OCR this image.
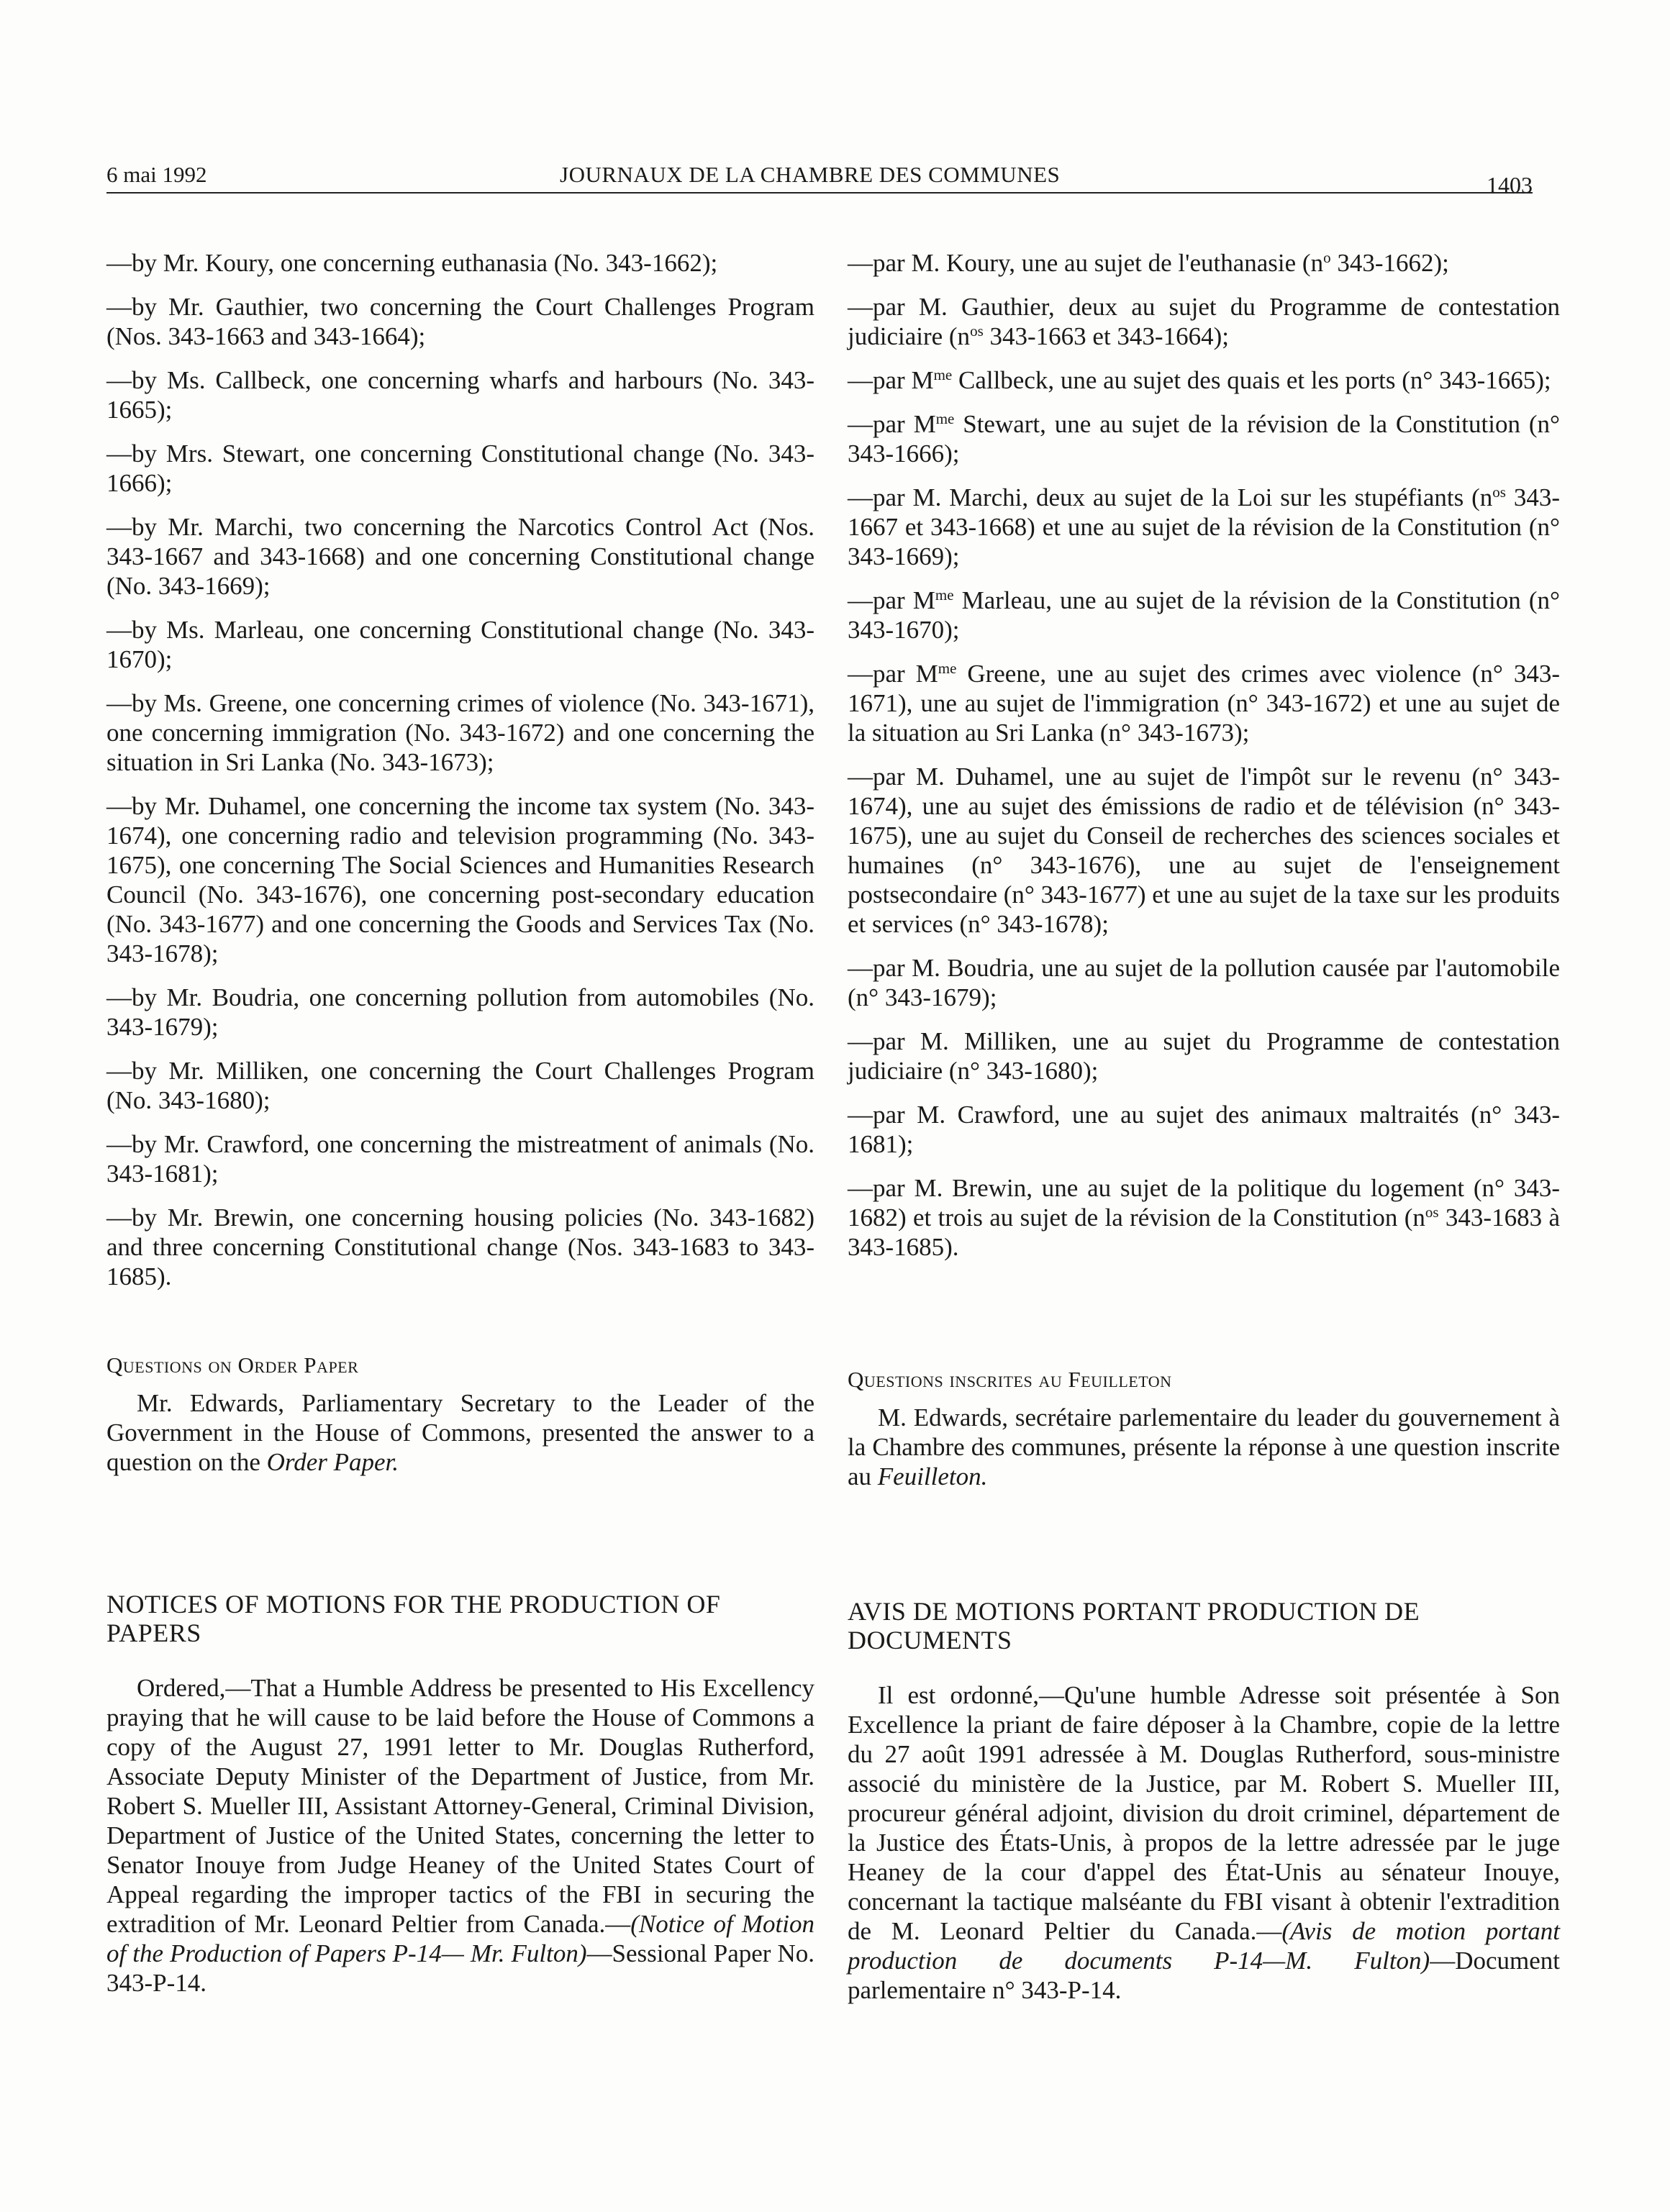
6 mai 1992	JOURNAUX DE LA CHAMBRE DES COMMUNES	1403

—by Mr. Koury, one concerning euthanasia (No. 343-1662);

—by Mr. Gauthier, two concerning the Court Challenges Program (Nos. 343-1663 and 343-1664);

—by Ms. Callbeck, one concerning wharfs and harbours (No. 343-1665);

—by Mrs. Stewart, one concerning Constitutional change (No. 343-1666);

—by Mr. Marchi, two concerning the Narcotics Control Act (Nos. 343-1667 and 343-1668) and one concerning Constitutional change (No. 343-1669);

—by Ms. Marleau, one concerning Constitutional change (No. 343-1670);

—by Ms. Greene, one concerning crimes of violence (No. 343-1671), one concerning immigration (No. 343-1672) and one concerning the situation in Sri Lanka (No. 343-1673);

—by Mr. Duhamel, one concerning the income tax system (No. 343-1674), one concerning radio and television programming (No. 343-1675), one concerning The Social Sciences and Humanities Research Council (No. 343-1676), one concerning post-secondary education (No. 343-1677) and one concerning the Goods and Services Tax (No. 343-1678);

—by Mr. Boudria, one concerning pollution from automobiles (No. 343-1679);

—by Mr. Milliken, one concerning the Court Challenges Program (No. 343-1680);

—by Mr. Crawford, one concerning the mistreatment of animals (No. 343-1681);

—by Mr. Brewin, one concerning housing policies (No. 343-1682) and three concerning Constitutional change (Nos. 343-1683 to 343-1685).

Questions on Order Paper

Mr. Edwards, Parliamentary Secretary to the Leader of the Government in the House of Commons, presented the answer to a question on the Order Paper.

NOTICES OF MOTIONS FOR THE PRODUCTION OF PAPERS

Ordered,—That a Humble Address be presented to His Excellency praying that he will cause to be laid before the House of Commons a copy of the August 27, 1991 letter to Mr. Douglas Rutherford, Associate Deputy Minister of the Department of Justice, from Mr. Robert S. Mueller III, Assistant Attorney-General, Criminal Division, Department of Justice of the United States, concerning the letter to Senator Inouye from Judge Heaney of the United States Court of Appeal regarding the improper tactics of the FBI in securing the extradition of Mr. Leonard Peltier from Canada.—(Notice of Motion of the Production of Papers P-14— Mr. Fulton)—Sessional Paper No. 343-P-14.

—par M. Koury, une au sujet de l'euthanasie ($n^o$ 343-1662);

—par M. Gauthier, deux au sujet du Programme de contestation judiciaire ($n^{os}$ 343-1663 et 343-1664);

—par $M^{me}$ Callbeck, une au sujet des quais et les ports (n° 343-1665);

—par $M^{me}$ Stewart, une au sujet de la révision de la Constitution (n° 343-1666);

—par M. Marchi, deux au sujet de la Loi sur les stupéfiants ($n^{os}$ 343-1667 et 343-1668) et une au sujet de la révision de la Constitution (n° 343-1669);

—par $M^{me}$ Marleau, une au sujet de la révision de la Constitution (n° 343-1670);

—par $M^{me}$ Greene, une au sujet des crimes avec violence (n° 343-1671), une au sujet de l'immigration (n° 343-1672) et une au sujet de la situation au Sri Lanka (n° 343-1673);

—par M. Duhamel, une au sujet de l'impôt sur le revenu (n° 343-1674), une au sujet des émissions de radio et de télévision (n° 343-1675), une au sujet du Conseil de recherches des sciences sociales et humaines (n° 343-1676), une au sujet de l'enseignement postsecondaire (n° 343-1677) et une au sujet de la taxe sur les produits et services (n° 343-1678);

—par M. Boudria, une au sujet de la pollution causée par l'automobile (n° 343-1679);

—par M. Milliken, une au sujet du Programme de contestation judiciaire (n° 343-1680);

—par M. Crawford, une au sujet des animaux maltraités (n° 343-1681);

—par M. Brewin, une au sujet de la politique du logement (n° 343-1682) et trois au sujet de la révision de la Constitution ($n^{os}$ 343-1683 à 343-1685).

Questions inscrites au Feuilleton

M. Edwards, secrétaire parlementaire du leader du gouvernement à la Chambre des communes, présente la réponse à une question inscrite au Feuilleton.

AVIS DE MOTIONS PORTANT PRODUCTION DE DOCUMENTS

Il est ordonné,—Qu'une humble Adresse soit présentée à Son Excellence la priant de faire déposer à la Chambre, copie de la lettre du 27 août 1991 adressée à M. Douglas Rutherford, sous-ministre associé du ministère de la Justice, par M. Robert S. Mueller III, procureur général adjoint, division du droit criminel, département de la Justice des États-Unis, à propos de la lettre adressée par le juge Heaney de la cour d'appel des État-Unis au sénateur Inouye, concernant la tactique malséante du FBI visant à obtenir l'extradition de M. Leonard Peltier du Canada.—(Avis de motion portant production de documents P-14—M. Fulton)—Document parlementaire n° 343-P-14.
